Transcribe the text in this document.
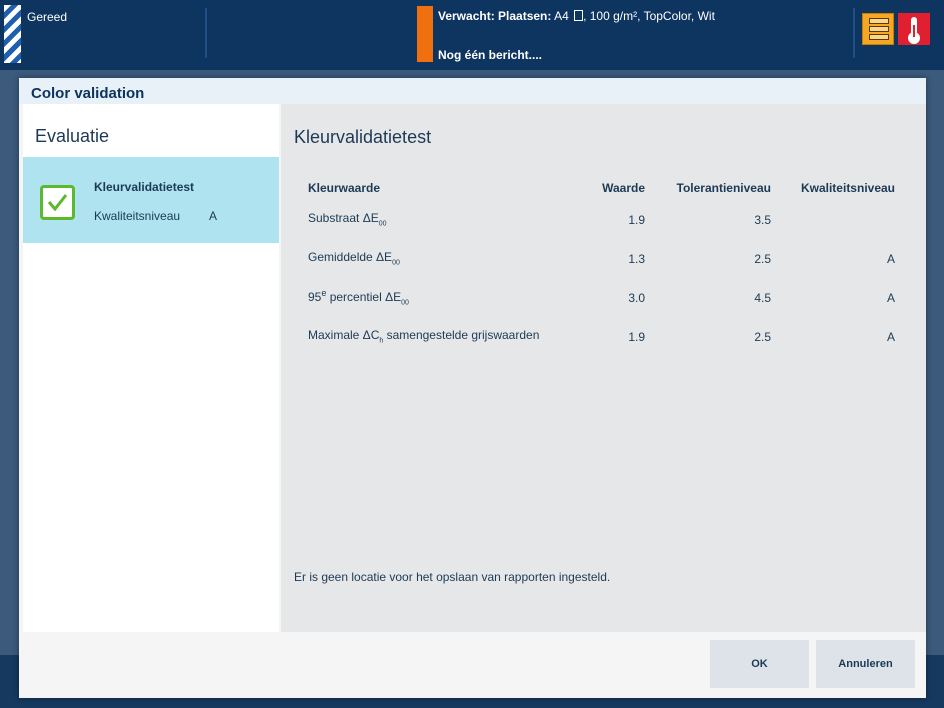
Gereed	Verwacht: Plaatsen: A4 , 100 g/m², TopColor, Wit
Nog één bericht....
Color validation
Evaluatie
Kleurvalidatietest
Kwaliteitsniveau A
Kleurvalidatietest
Kleurwaarde	Waarde	Tolerantieniveau	Kwaliteitsniveau
Substraat $\Delta E_{00}$	1.9	3.5	
Gemiddelde $\Delta E_{00}$	1.3	2.5	A
95e percentiel $\Delta E_{00}$	3.0	4.5	A
Maximale $\Delta C_h$ samengestelde grijswaarden	1.9	2.5	A
Er is geen locatie voor het opslaan van rapporten ingesteld.
OK	Annuleren
